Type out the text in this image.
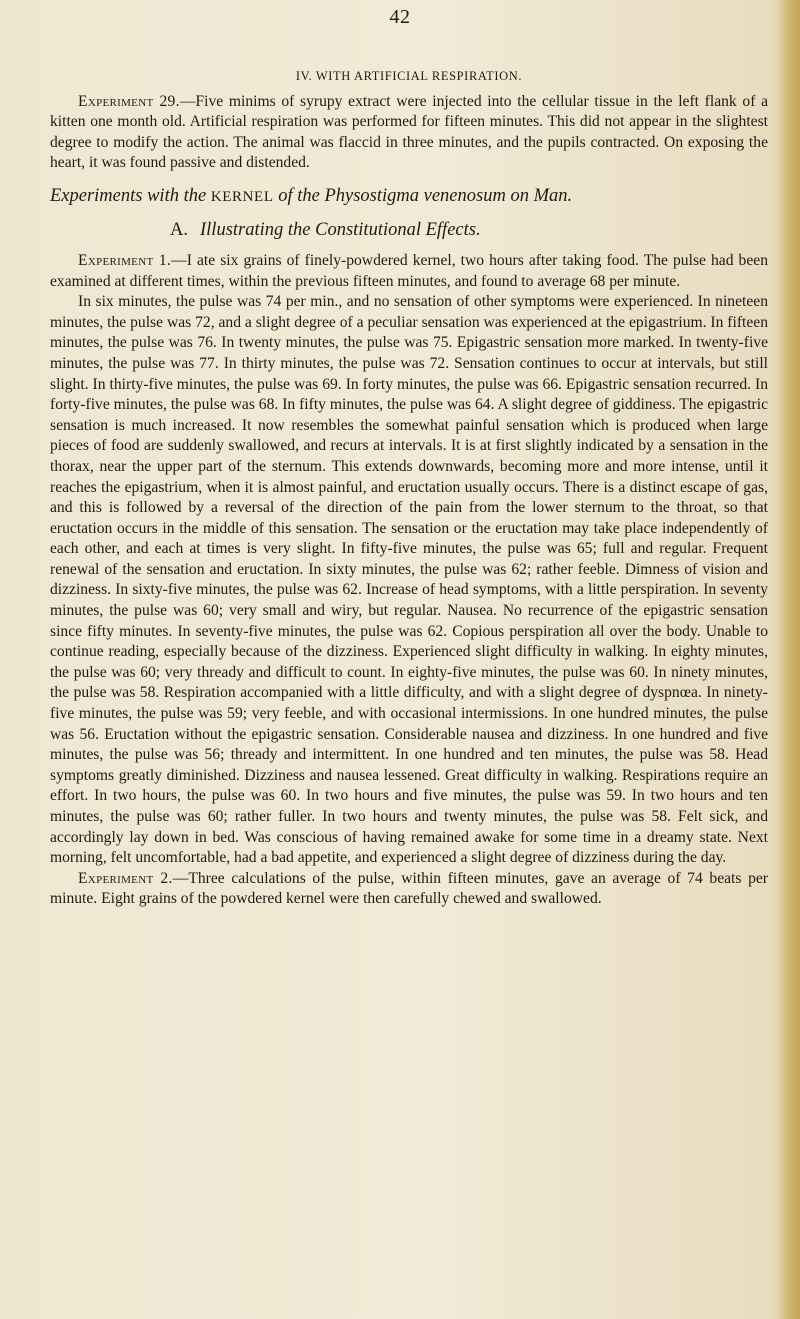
42
IV. WITH ARTIFICIAL RESPIRATION.

Experiment 29.—Five minims of syrupy extract were injected into the cellular tissue in the left flank of a kitten one month old. Artificial respiration was performed for fifteen minutes. This did not appear in the slightest degree to modify the action. The animal was flaccid in three minutes, and the pupils contracted. On exposing the heart, it was found passive and distended.

Experiments with the KERNEL of the Physostigma venenosum on Man.
A. Illustrating the Constitutional Effects.

Experiment 1.—I ate six grains of finely-powdered kernel, two hours after taking food. The pulse had been examined at different times, within the previous fifteen minutes, and found to average 68 per minute.

In six minutes, the pulse was 74 per min., and no sensation of other symptoms were experienced. In nineteen minutes, the pulse was 72, and a slight degree of a peculiar sensation was experienced at the epigastrium. In fifteen minutes, the pulse was 76. In twenty minutes, the pulse was 75. Epigastric sensation more marked. In twenty-five minutes, the pulse was 77. In thirty minutes, the pulse was 72. Sensation continues to occur at intervals, but still slight. In thirty-five minutes, the pulse was 69. In forty minutes, the pulse was 66. Epigastric sensation recurred. In forty-five minutes, the pulse was 68. In fifty minutes, the pulse was 64. A slight degree of giddiness. The epigastric sensation is much increased. It now resembles the somewhat painful sensation which is produced when large pieces of food are suddenly swallowed, and recurs at intervals. It is at first slightly indicated by a sensation in the thorax, near the upper part of the sternum. This extends downwards, becoming more and more intense, until it reaches the epigastrium, when it is almost painful, and eructation usually occurs. There is a distinct escape of gas, and this is followed by a reversal of the direction of the pain from the lower sternum to the throat, so that eructation occurs in the middle of this sensation. The sensation or the eructation may take place independently of each other, and each at times is very slight. In fifty-five minutes, the pulse was 65; full and regular. Frequent renewal of the sensation and eructation. In sixty minutes, the pulse was 62; rather feeble. Dimness of vision and dizziness. In sixty-five minutes, the pulse was 62. Increase of head symptoms, with a little perspiration. In seventy minutes, the pulse was 60; very small and wiry, but regular. Nausea. No recurrence of the epigastric sensation since fifty minutes. In seventy-five minutes, the pulse was 62. Copious perspiration all over the body. Unable to continue reading, especially because of the dizziness. Experienced slight difficulty in walking. In eighty minutes, the pulse was 60; very thready and difficult to count. In eighty-five minutes, the pulse was 60. In ninety minutes, the pulse was 58. Respiration accompanied with a little difficulty, and with a slight degree of dyspnœa. In ninety-five minutes, the pulse was 59; very feeble, and with occasional intermissions. In one hundred minutes, the pulse was 56. Eructation without the epigastric sensation. Considerable nausea and dizziness. In one hundred and five minutes, the pulse was 56; thready and intermittent. In one hundred and ten minutes, the pulse was 58. Head symptoms greatly diminished. Dizziness and nausea lessened. Great difficulty in walking. Respirations require an effort. In two hours, the pulse was 60. In two hours and five minutes, the pulse was 59. In two hours and ten minutes, the pulse was 60; rather fuller. In two hours and twenty minutes, the pulse was 58. Felt sick, and accordingly lay down in bed. Was conscious of having remained awake for some time in a dreamy state. Next morning, felt uncomfortable, had a bad appetite, and experienced a slight degree of dizziness during the day.

Experiment 2.—Three calculations of the pulse, within fifteen minutes, gave an average of 74 beats per minute. Eight grains of the powdered kernel were then carefully chewed and swallowed.
